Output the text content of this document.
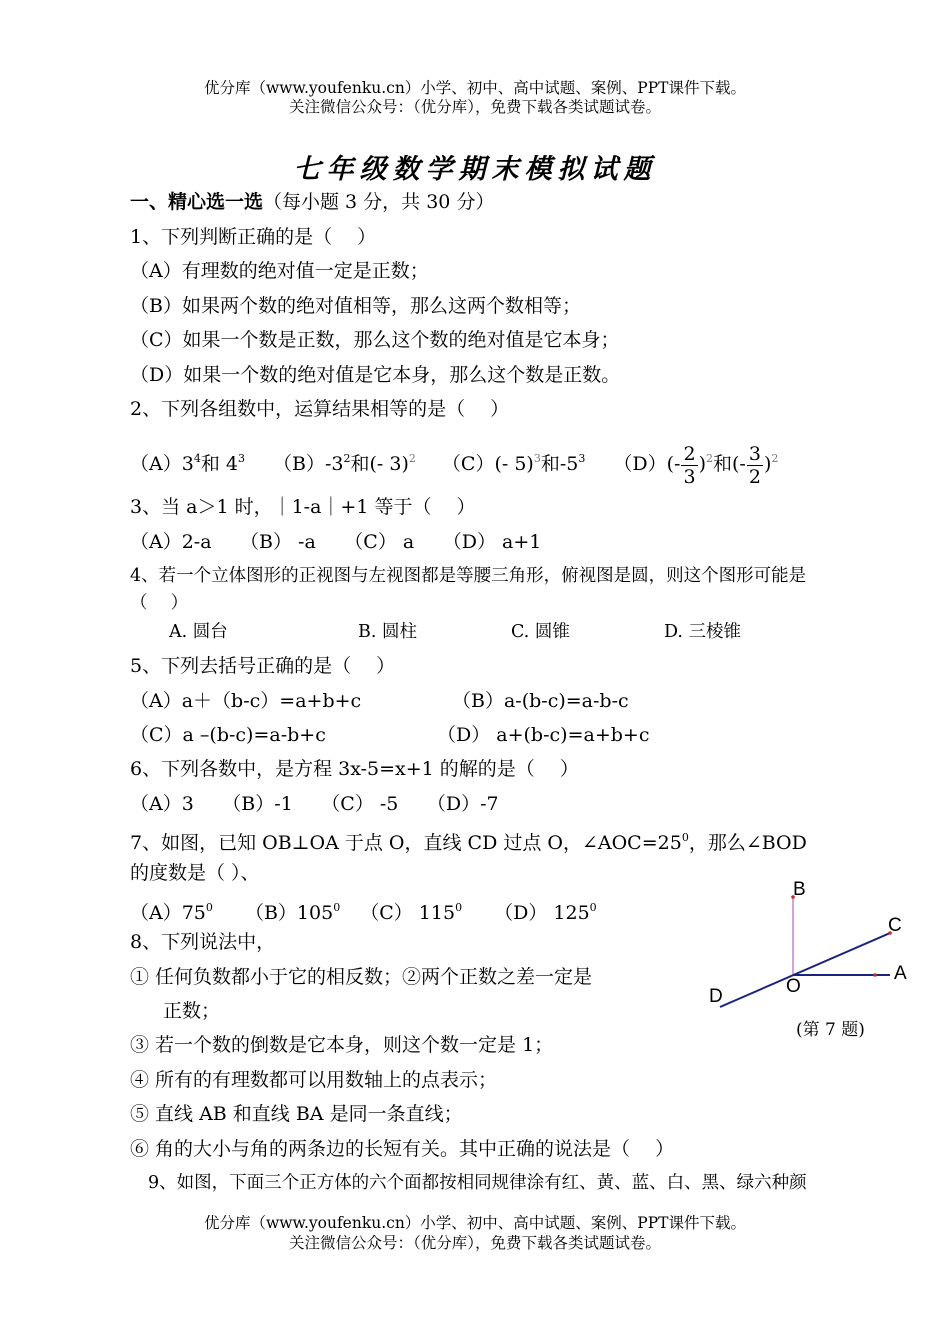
优分库（www.youfenku.cn）小学、初中、高中试题、案例、PPT课件下载。
关注微信公众号：（优分库），免费下载各类试题试卷。
七年级数学期末模拟试题
一、精心选一选（每小题 3 分，共 30 分）
1、下列判断正确的是（　 ）
（A）有理数的绝对值一定是正数；
（B）如果两个数的绝对值相等，那么这两个数相等；
（C）如果一个数是正数，那么这个数的绝对值是它本身；
（D）如果一个数的绝对值是它本身，那么这个数是正数。
2、下列各组数中，运算结果相等的是（　 ）
$(A)3^4$和 $4^3$ $(B)-3^2$和(- 3)$^2$ （C）(- 5)$^3$和$-5^3$ $(D)(- \frac{2}{3} )^2$和(- $\frac{3}{2} )^2$
3、当 a＞1 时，｜1-a｜+1 等于（　 ）
（A）2-a　　（B） -a　　（C） a　　（D） a+1
4、若一个立体图形的正视图与左视图都是等腰三角形，俯视图是圆，则这个图形可能是
（　 ）
A. 圆台	B. 圆柱	C. 圆锥	D. 三棱锥
5、下列去括号正确的是（　 ）
（A）a＋（b-c）=a+b+c	（B）a-(b-c)=a-b-c
（C）a –(b-c)=a-b+c	（D） a+(b-c)=a+b+c
6、下列各数中，是方程 3x-5=x+1 的解的是（　 ）
（A）3　　（B）-1　　（C） -5　　（D）-7
7、如图，已知 OB⊥OA 于点 O，直线 CD 过点 O，$\angle AOC=25^0$，那么∠BOD
的度数是（ ）、
$(A)75^0$ $(B)105^0$ （C） $115^0$ （D） $125^0$
B
C
A
O
D
(第 7 题)
8、下列说法中，
① 任何负数都小于它的相反数；②两个正数之差一定是
正数；
③ 若一个数的倒数是它本身，则这个数一定是 1；
④ 所有的有理数都可以用数轴上的点表示；
⑤ 直线 AB 和直线 BA 是同一条直线；
⑥ 角的大小与角的两条边的长短有关。其中正确的说法是（　 ）
9、如图，下面三个正方体的六个面都按相同规律涂有红、黄、蓝、白、黑、绿六种颜
优分库（www.youfenku.cn）小学、初中、高中试题、案例、PPT课件下载。
关注微信公众号：（优分库），免费下载各类试题试卷。
